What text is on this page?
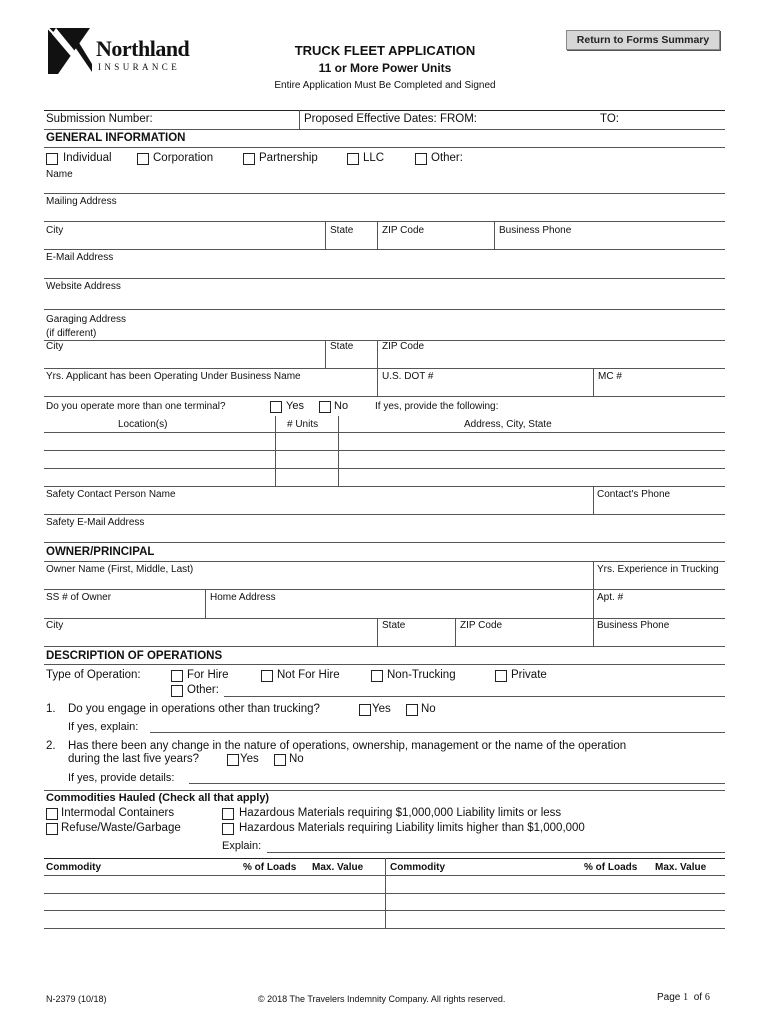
Return to Forms Summary
Northland
INSURANCE
TRUCK FLEET APPLICATION
11 or More Power Units
Entire Application Must Be Completed and Signed
Submission Number:	Proposed Effective Dates: FROM:	TO:
GENERAL INFORMATION
Individual	Corporation	Partnership	LLC	Other:
Name
Mailing Address
City	State	ZIP Code	Business Phone
E-Mail Address
Website Address
Garaging Address
(if different)
City	State	ZIP Code
Yrs. Applicant has been Operating Under Business Name	U.S. DOT #	MC #
Do you operate more than one terminal?	Yes	No	If yes, provide the following:
Location(s)	# Units	Address, City, State
Safety Contact Person Name	Contact's Phone
Safety E-Mail Address
OWNER/PRINCIPAL
Owner Name (First, Middle, Last)	Yrs. Experience in Trucking
SS # of Owner	Home Address	Apt. #
City	State	ZIP Code	Business Phone
DESCRIPTION OF OPERATIONS
Type of Operation:	For Hire	Not For Hire	Non-Trucking	Private
Other:
1. Do you engage in operations other than trucking?	Yes	No
If yes, explain:
2. Has there been any change in the nature of operations, ownership, management or the name of the operation
during the last five years?	Yes	No
If yes, provide details:
Commodities Hauled (Check all that apply)
Intermodal Containers
Refuse/Waste/Garbage
Hazardous Materials requiring $1,000,000 Liability limits or less
Hazardous Materials requiring Liability limits higher than $1,000,000
Explain:
Commodity	% of Loads Max. Value	Commodity	% of Loads Max. Value
N-2379 (10/18)	© 2018 The Travelers Indemnity Company. All rights reserved.	Page 1 of 6
